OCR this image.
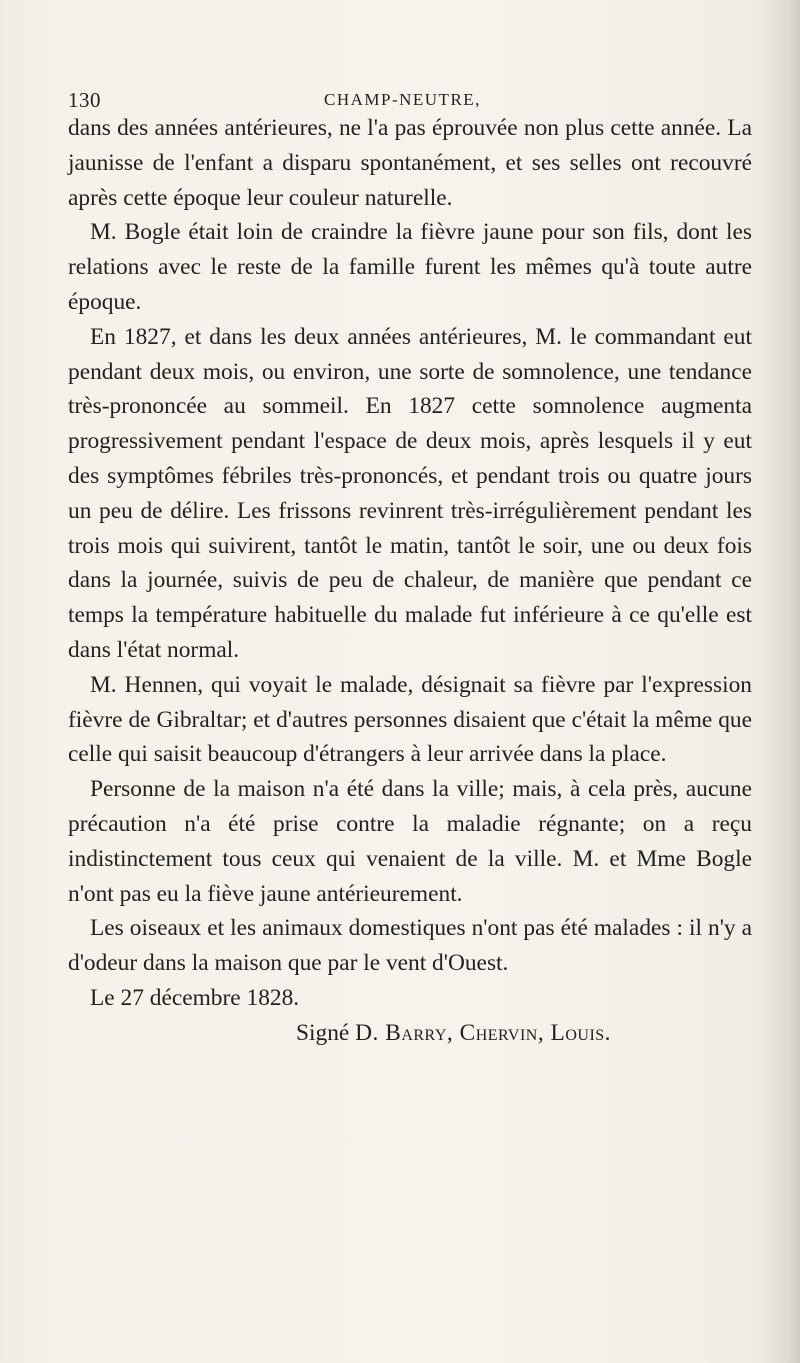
130	CHAMP-NEUTRE,

dans des années antérieures, ne l'a pas éprouvée non plus cette année. La jaunisse de l'enfant a disparu spontanément, et ses selles ont recouvré après cette époque leur couleur naturelle.

M. Bogle était loin de craindre la fièvre jaune pour son fils, dont les relations avec le reste de la famille furent les mêmes qu'à toute autre époque.

En 1827, et dans les deux années antérieures, M. le commandant eut pendant deux mois, ou environ, une sorte de somnolence, une tendance très-prononcée au sommeil. En 1827 cette somnolence augmenta progressivement pendant l'espace de deux mois, après lesquels il y eut des symptômes fébriles très-prononcés, et pendant trois ou quatre jours un peu de délire. Les frissons revinrent très-irrégulièrement pendant les trois mois qui suivirent, tantôt le matin, tantôt le soir, une ou deux fois dans la journée, suivis de peu de chaleur, de manière que pendant ce temps la température habituelle du malade fut inférieure à ce qu'elle est dans l'état normal.

M. Hennen, qui voyait le malade, désignait sa fièvre par l'expression fièvre de Gibraltar; et d'autres personnes disaient que c'était la même que celle qui saisit beaucoup d'étrangers à leur arrivée dans la place.

Personne de la maison n'a été dans la ville; mais, à cela près, aucune précaution n'a été prise contre la maladie régnante; on a reçu indistinctement tous ceux qui venaient de la ville. M. et Mme Bogle n'ont pas eu la fiève jaune antérieurement.

Les oiseaux et les animaux domestiques n'ont pas été malades : il n'y a d'odeur dans la maison que par le vent d'Ouest.

Le 27 décembre 1828.

Signé D. Barry, Chervin, Louis.
